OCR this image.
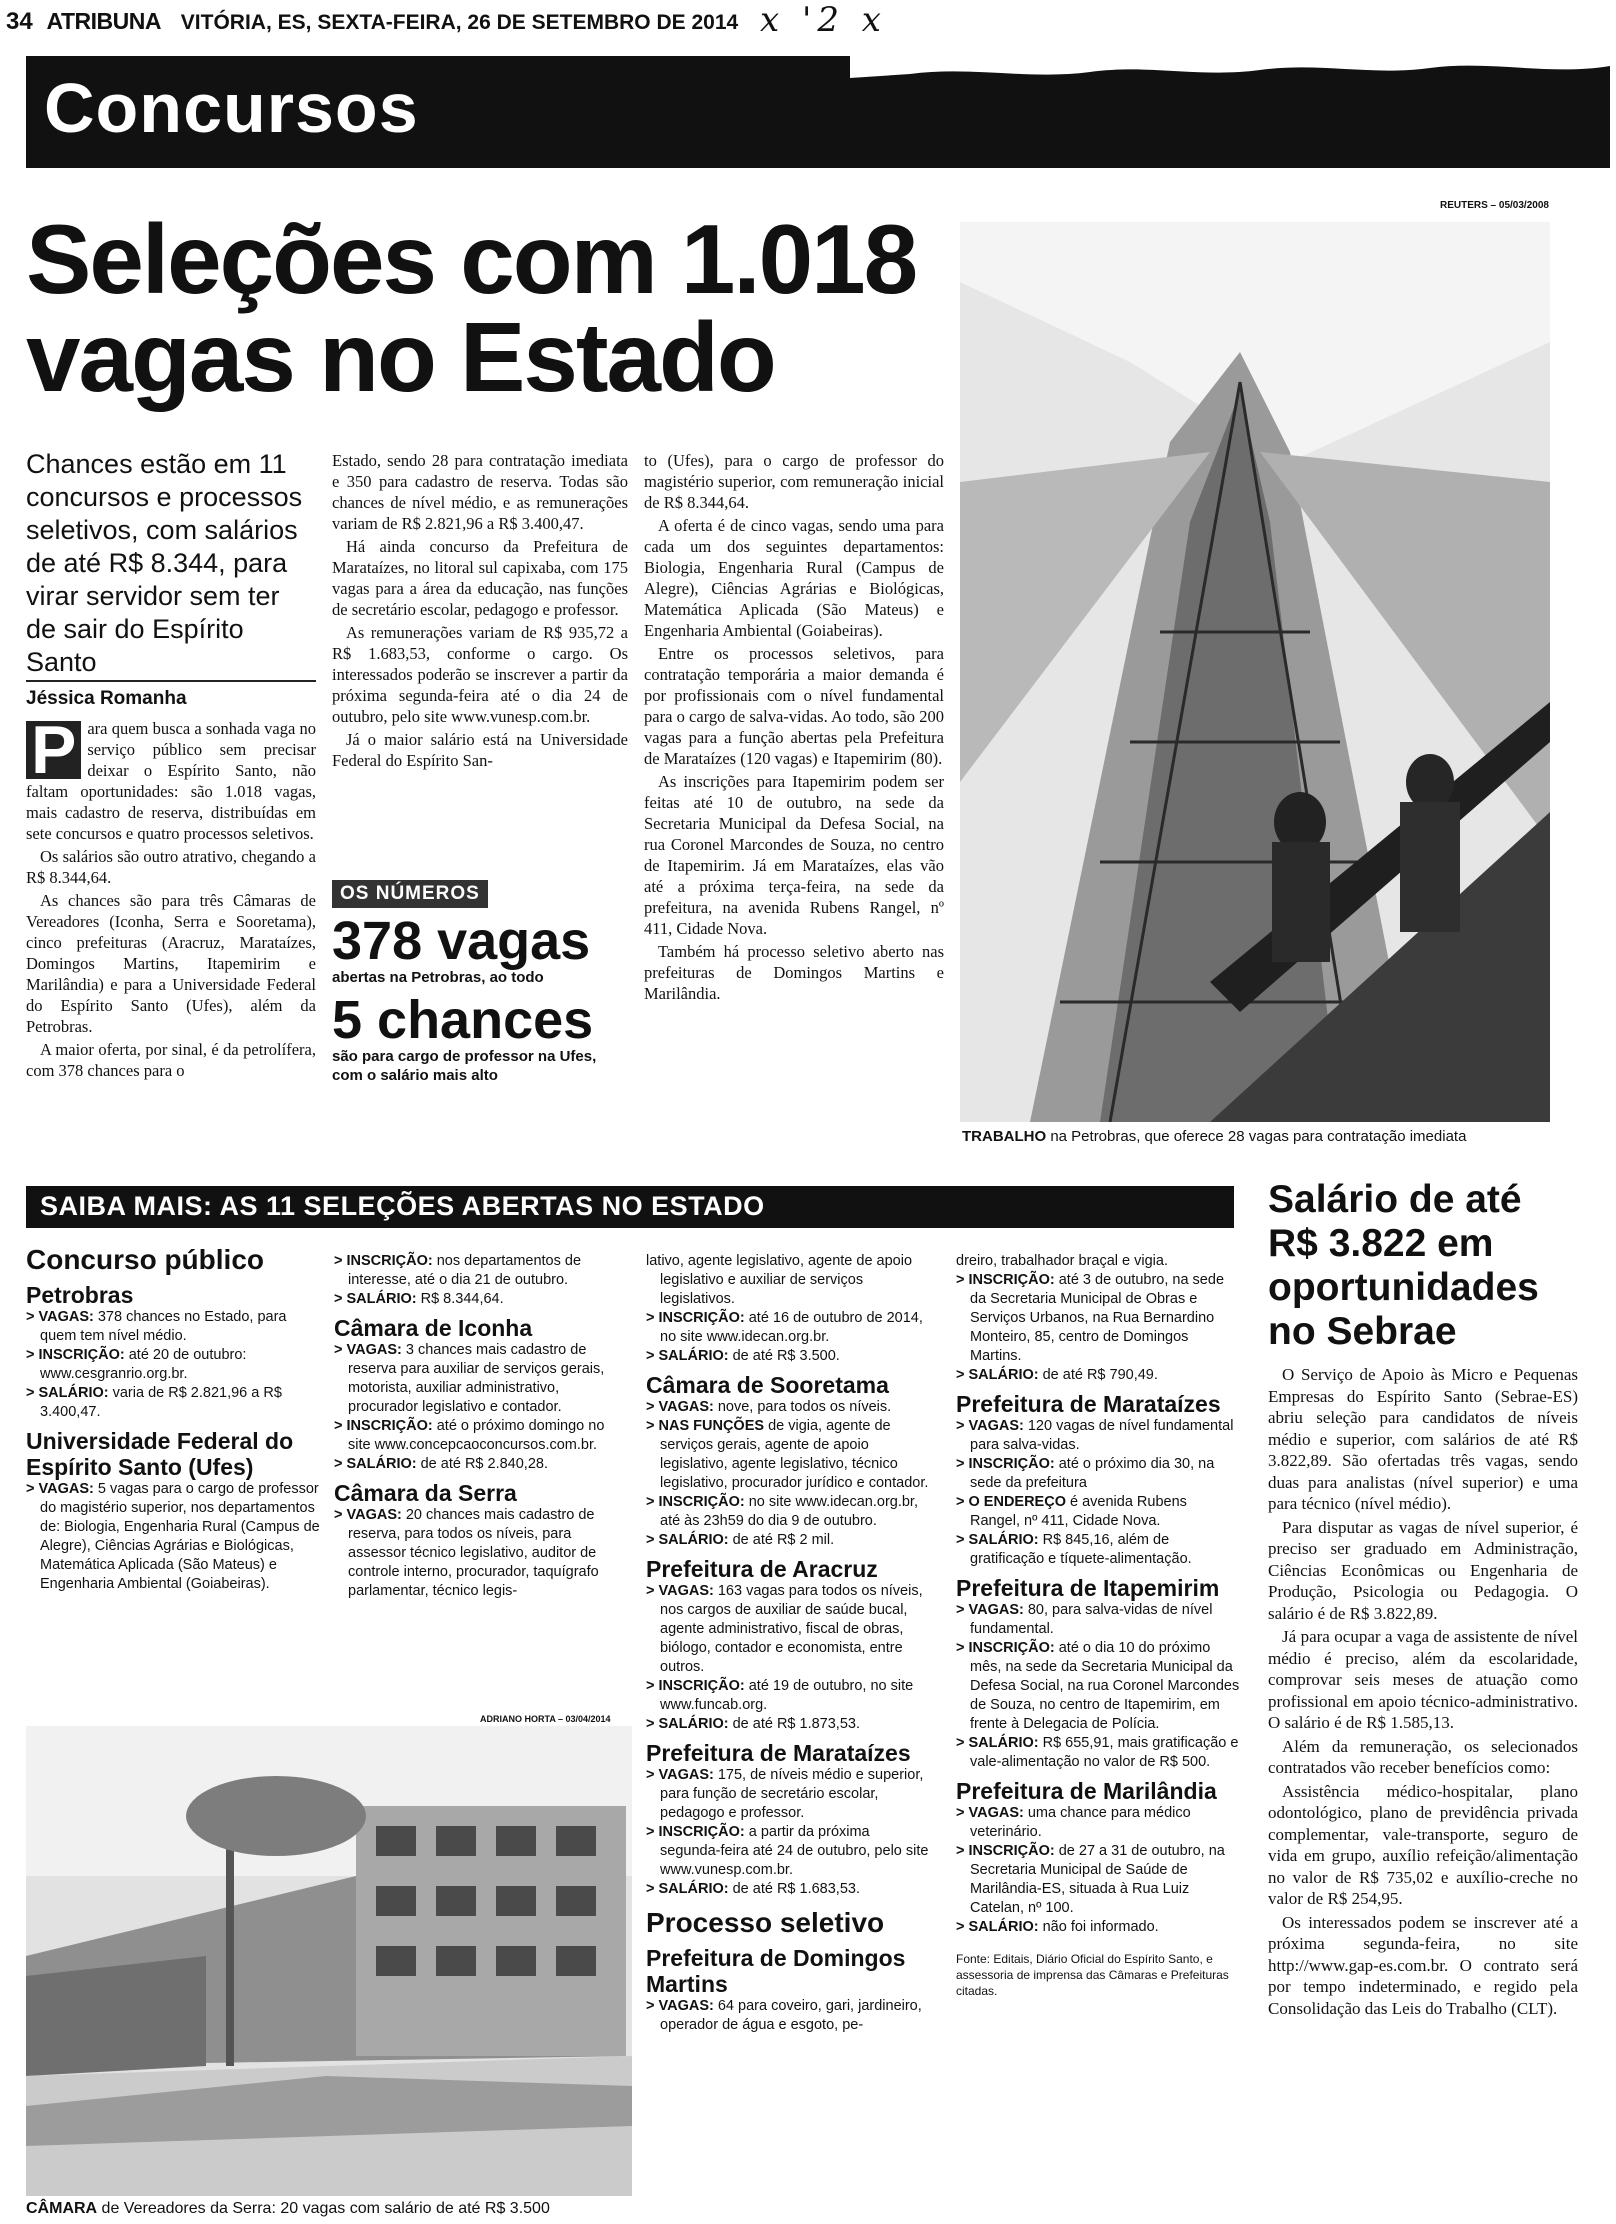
34 ATRIBUNA VITÓRIA, ES, SEXTA-FEIRA, 26 DE SETEMBRO DE 2014 x '2 x
Concursos
Seleções com 1.018 vagas no Estado
Chances estão em 11 concursos e processos seletivos, com salários de até R$ 8.344, para virar servidor sem ter de sair do Espírito Santo
Jéssica Romanha

P ara quem busca a sonhada vaga no serviço público sem precisar deixar o Espírito Santo, não faltam oportunidades: são 1.018 vagas, mais cadastro de reserva, distribuídas em sete concursos e quatro processos seletivos.

Os salários são outro atrativo, chegando a R$ 8.344,64.

As chances são para três Câmaras de Vereadores (Iconha, Serra e Sooretama), cinco prefeituras (Aracruz, Marataízes, Domingos Martins, Itapemirim e Marilândia) e para a Universidade Federal do Espírito Santo (Ufes), além da Petrobras.

A maior oferta, por sinal, é da petrolífera, com 378 chances para o

Estado, sendo 28 para contratação imediata e 350 para cadastro de reserva. Todas são chances de nível médio, e as remunerações variam de R$ 2.821,96 a R$ 3.400,47.

Há ainda concurso da Prefeitura de Marataízes, no litoral sul capixaba, com 175 vagas para a área da educação, nas funções de secretário escolar, pedagogo e professor.

As remunerações variam de R$ 935,72 a R$ 1.683,53, conforme o cargo. Os interessados poderão se inscrever a partir da próxima segunda-feira até o dia 24 de outubro, pelo site www.vunesp.com.br.

Já o maior salário está na Universidade Federal do Espírito San-

OS NÚMEROS
378 vagas
abertas na Petrobras, ao todo
5 chances
são para cargo de professor na Ufes, com o salário mais alto

to (Ufes), para o cargo de professor do magistério superior, com remuneração inicial de R$ 8.344,64.

A oferta é de cinco vagas, sendo uma para cada um dos seguintes departamentos: Biologia, Engenharia Rural (Campus de Alegre), Ciências Agrárias e Biológicas, Matemática Aplicada (São Mateus) e Engenharia Ambiental (Goiabeiras).

Entre os processos seletivos, para contratação temporária a maior demanda é por profissionais com o nível fundamental para o cargo de salva-vidas. Ao todo, são 200 vagas para a função abertas pela Prefeitura de Marataízes (120 vagas) e Itapemirim (80).

As inscrições para Itapemirim podem ser feitas até 10 de outubro, na sede da Secretaria Municipal da Defesa Social, na rua Coronel Marcondes de Souza, no centro de Itapemirim. Já em Marataízes, elas vão até a próxima terça-feira, na sede da prefeitura, na avenida Rubens Rangel, nº 411, Cidade Nova.

Também há processo seletivo aberto nas prefeituras de Domingos Martins e Marilândia.

REUTERS – 05/03/2008
TRABALHO na Petrobras, que oferece 28 vagas para contratação imediata
SAIBA MAIS: AS 11 SELEÇÕES ABERTAS NO ESTADO
Concurso público
Petrobras
> VAGAS: 378 chances no Estado, para quem tem nível médio.
> INSCRIÇÃO: até 20 de outubro: www.cesgranrio.org.br.
> SALÁRIO: varia de R$ 2.821,96 a R$ 3.400,47.
Universidade Federal do Espírito Santo (Ufes)
> VAGAS: 5 vagas para o cargo de professor do magistério superior, nos departamentos de: Biologia, Engenharia Rural (Campus de Alegre), Ciências Agrárias e Biológicas, Matemática Aplicada (São Mateus) e Engenharia Ambiental (Goiabeiras).
> INSCRIÇÃO: nos departamentos de interesse, até o dia 21 de outubro.
> SALÁRIO: R$ 8.344,64.
Câmara de Iconha
> VAGAS: 3 chances mais cadastro de reserva para auxiliar de serviços gerais, motorista, auxiliar administrativo, procurador legislativo e contador.
> INSCRIÇÃO: até o próximo domingo no site www.concepcaoconcursos.com.br.
> SALÁRIO: de até R$ 2.840,28.
Câmara da Serra
> VAGAS: 20 chances mais cadastro de reserva, para todos os níveis, para assessor técnico legislativo, auditor de controle interno, procurador, taquígrafo parlamentar, técnico legis-
lativo, agente legislativo, agente de apoio legislativo e auxiliar de serviços legislativos.
> INSCRIÇÃO: até 16 de outubro de 2014, no site www.idecan.org.br.
> SALÁRIO: de até R$ 3.500.
Câmara de Sooretama
> VAGAS: nove, para todos os níveis.
> NAS FUNÇÕES de vigia, agente de serviços gerais, agente de apoio legislativo, agente legislativo, técnico legislativo, procurador jurídico e contador.
> INSCRIÇÃO: no site www.idecan.org.br, até às 23h59 do dia 9 de outubro.
> SALÁRIO: de até R$ 2 mil.
Prefeitura de Aracruz
> VAGAS: 163 vagas para todos os níveis, nos cargos de auxiliar de saúde bucal, agente administrativo, fiscal de obras, biólogo, contador e economista, entre outros.
> INSCRIÇÃO: até 19 de outubro, no site www.funcab.org.
> SALÁRIO: de até R$ 1.873,53.
Prefeitura de Marataízes
> VAGAS: 175, de níveis médio e superior, para função de secretário escolar, pedagogo e professor.
> INSCRIÇÃO: a partir da próxima segunda-feira até 24 de outubro, pelo site www.vunesp.com.br.
> SALÁRIO: de até R$ 1.683,53.
Processo seletivo
Prefeitura de Domingos Martins
> VAGAS: 64 para coveiro, gari, jardineiro, operador de água e esgoto, pe-
dreiro, trabalhador braçal e vigia.
> INSCRIÇÃO: até 3 de outubro, na sede da Secretaria Municipal de Obras e Serviços Urbanos, na Rua Bernardino Monteiro, 85, centro de Domingos Martins.
> SALÁRIO: de até R$ 790,49.
Prefeitura de Marataízes
> VAGAS: 120 vagas de nível fundamental para salva-vidas.
> INSCRIÇÃO: até o próximo dia 30, na sede da prefeitura
> O ENDEREÇO é avenida Rubens Rangel, nº 411, Cidade Nova.
> SALÁRIO: R$ 845,16, além de gratificação e tíquete-alimentação.
Prefeitura de Itapemirim
> VAGAS: 80, para salva-vidas de nível fundamental.
> INSCRIÇÃO: até o dia 10 do próximo mês, na sede da Secretaria Municipal da Defesa Social, na rua Coronel Marcondes de Souza, no centro de Itapemirim, em frente à Delegacia de Polícia.
> SALÁRIO: R$ 655,91, mais gratificação e vale-alimentação no valor de R$ 500.
Prefeitura de Marilândia
> VAGAS: uma chance para médico veterinário.
> INSCRIÇÃO: de 27 a 31 de outubro, na Secretaria Municipal de Saúde de Marilândia-ES, situada à Rua Luiz Catelan, nº 100.
> SALÁRIO: não foi informado.
Fonte: Editais, Diário Oficial do Espírito Santo, e assessoria de imprensa das Câmaras e Prefeituras citadas.
ADRIANO HORTA – 03/04/2014
CÂMARA de Vereadores da Serra: 20 vagas com salário de até R$ 3.500
Salário de até R$ 3.822 em oportunidades no Sebrae

O Serviço de Apoio às Micro e Pequenas Empresas do Espírito Santo (Sebrae-ES) abriu seleção para candidatos de níveis médio e superior, com salários de até R$ 3.822,89. São ofertadas três vagas, sendo duas para analistas (nível superior) e uma para técnico (nível médio).

Para disputar as vagas de nível superior, é preciso ser graduado em Administração, Ciências Econômicas ou Engenharia de Produção, Psicologia ou Pedagogia. O salário é de R$ 3.822,89.

Já para ocupar a vaga de assistente de nível médio é preciso, além da escolaridade, comprovar seis meses de atuação como profissional em apoio técnico-administrativo. O salário é de R$ 1.585,13.

Além da remuneração, os selecionados contratados vão receber benefícios como:

Assistência médico-hospitalar, plano odontológico, plano de previdência privada complementar, vale-transporte, seguro de vida em grupo, auxílio refeição/alimentação no valor de R$ 735,02 e auxílio-creche no valor de R$ 254,95.

Os interessados podem se inscrever até a próxima segunda-feira, no site http://www.gap-es.com.br. O contrato será por tempo indeterminado, e regido pela Consolidação das Leis do Trabalho (CLT).
